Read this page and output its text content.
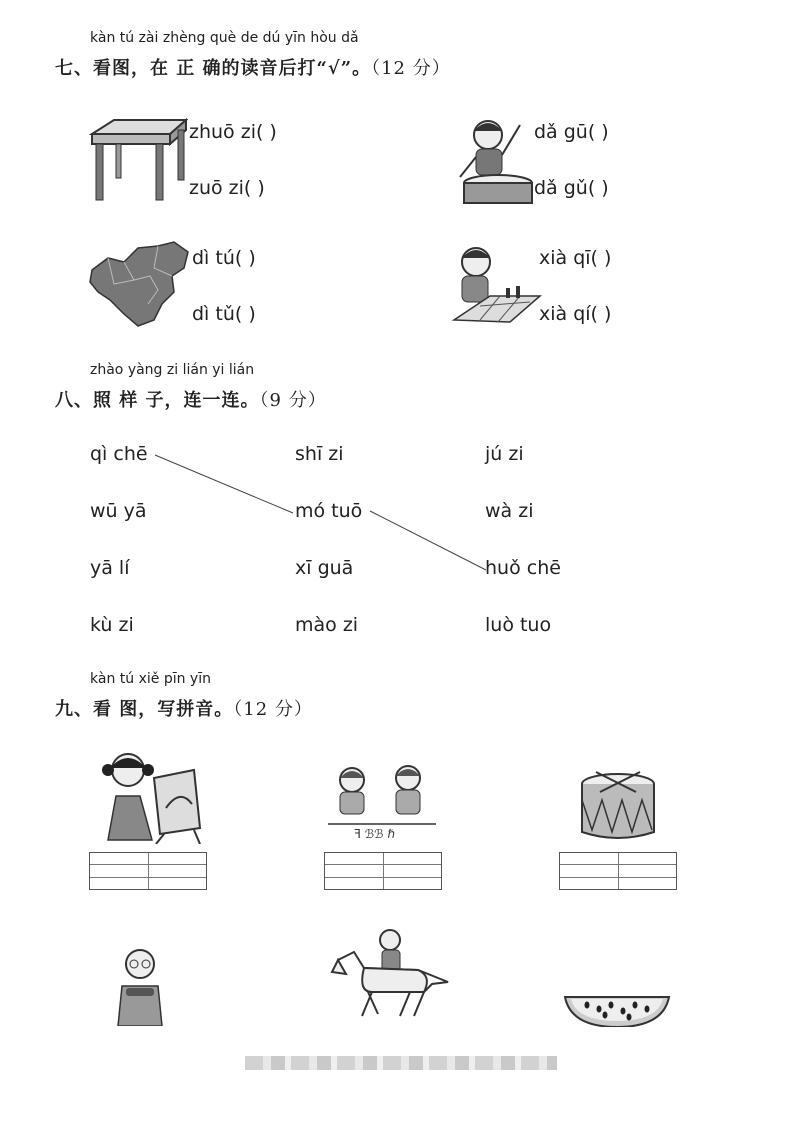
kàn tú zài zhèng què de dú yīn hòu dǎ
七、看图，在 正 确的读音后打“√”。（12 分）
zhuō zi( )
zuō zi( )
dǎ gū( )
dǎ gǔ( )
dì tú( )
dì tǔ( )
xià qī( )
xià qí( )
zhào yàng zi lián yi lián
八、照 样 子，连一连。（9 分）
qì chē
wū yā
yā lí
kù zi
shī zi
mó tuō
xī guā
mào zi
jú zi
wà zi
huǒ chē
luò tuo
kàn tú xiě pīn yīn
九、看 图，写拼音。（12 分）
ꟻ ℬℬ ℏ
